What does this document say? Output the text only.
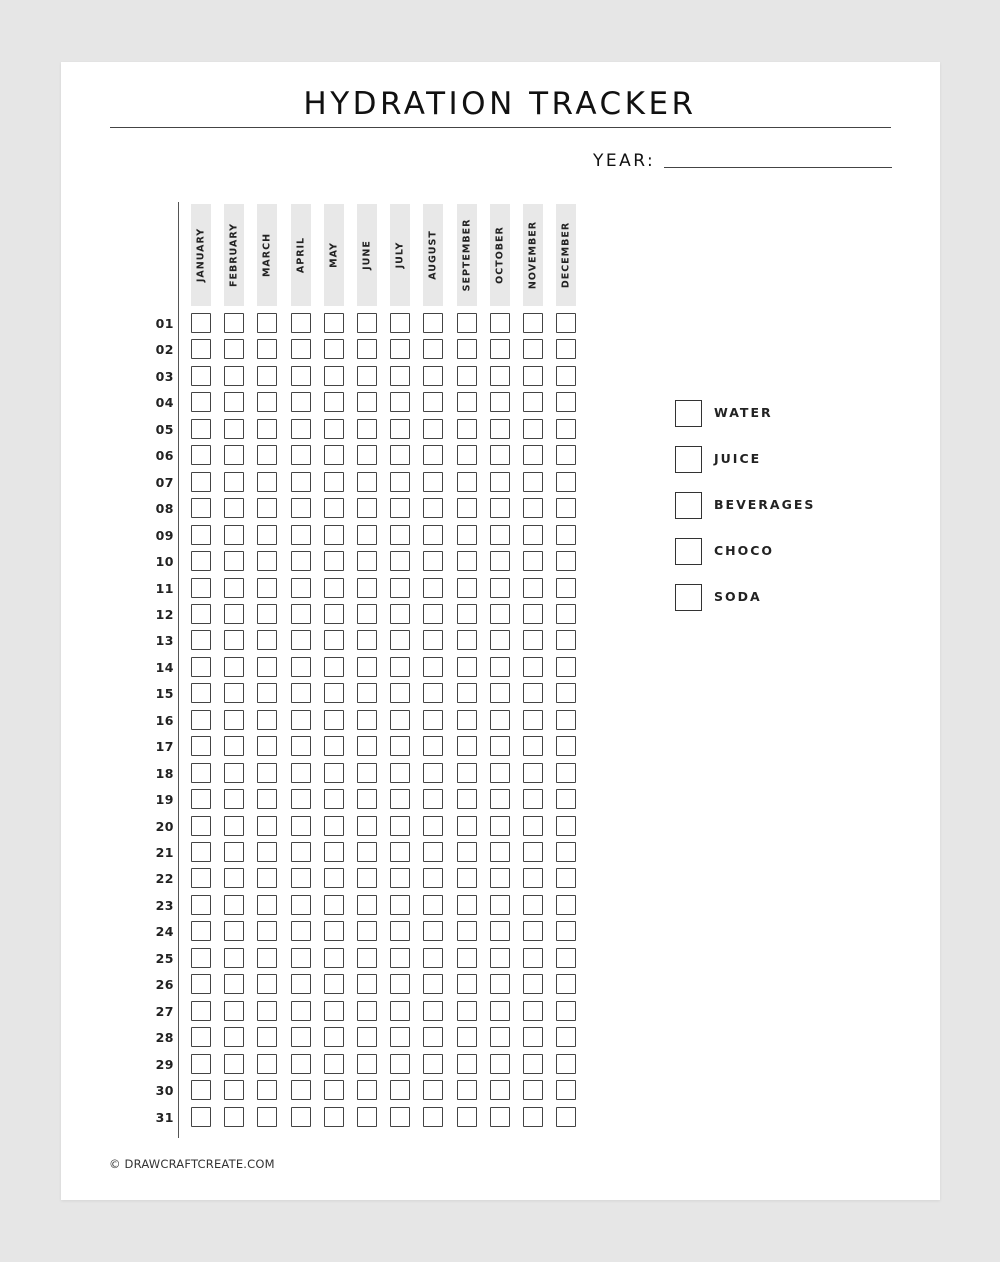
HYDRATION TRACKER
YEAR:
JANUARY FEBRUARY MARCH APRIL MAY JUNE JULY AUGUST SEPTEMBER OCTOBER NOVEMBER DECEMBER
01
02
03
04
05
06
07
08
09
10
11
12
13
14
15
16
17
18
19
20
21
22
23
24
25
26
27
28
29
30
31
WATER
JUICE
BEVERAGES
CHOCO
SODA
© DRAWCRAFTCREATE.COM
